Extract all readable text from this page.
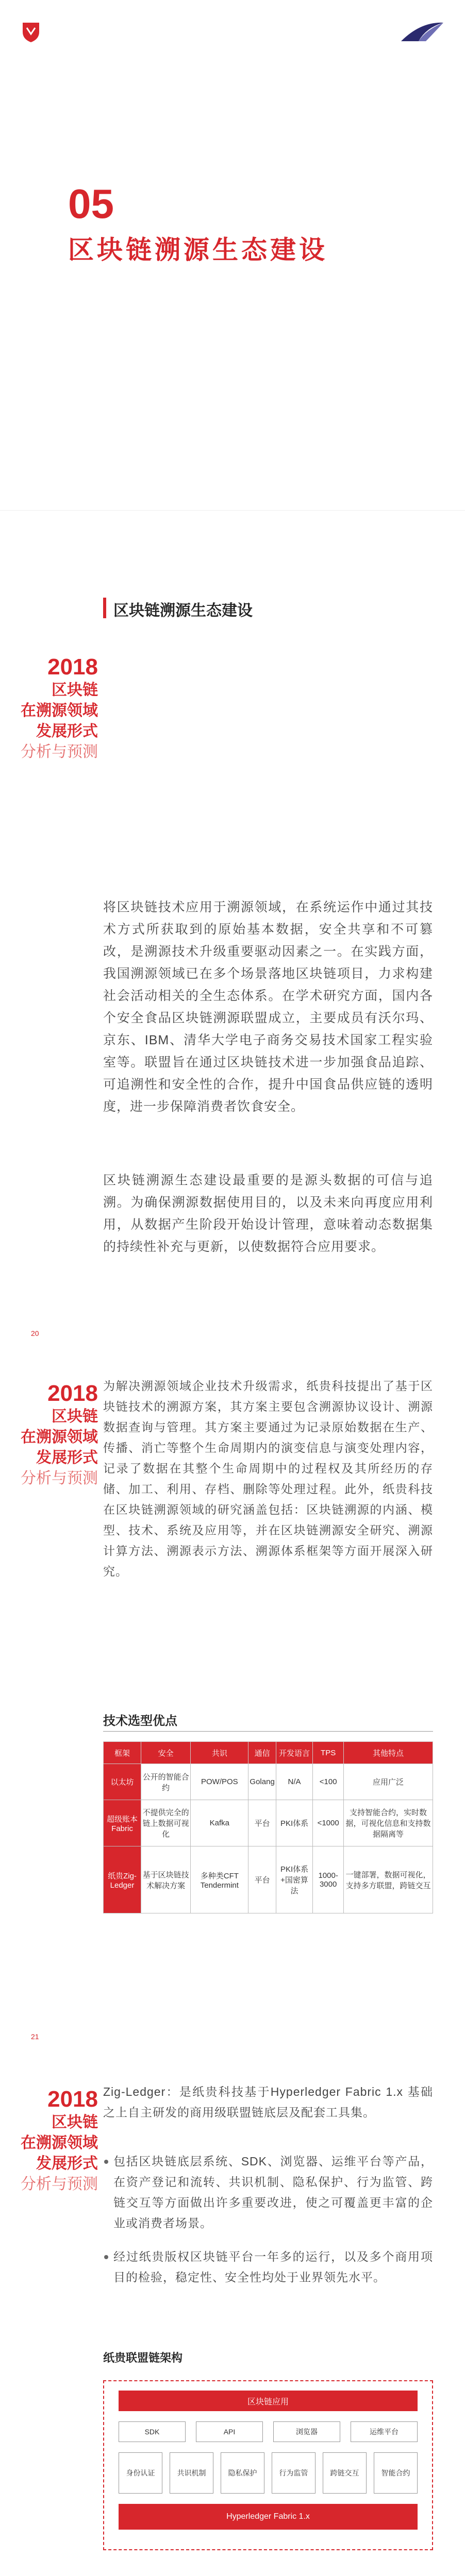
05
区块链溯源生态建设
2018
区块链
在溯源领域
发展形式
分析与预测
区块链溯源生态建设
将区块链技术应用于溯源领域，在系统运作中通过其技术方式所获取到的原始基本数据，安全共享和不可篡改，是溯源技术升级重要驱动因素之一。在实践方面，我国溯源领域已在多个场景落地区块链项目，力求构建社会活动相关的全生态体系。在学术研究方面，国内各个安全食品区块链溯源联盟成立，主要成员有沃尔玛、京东、IBM、清华大学电子商务交易技术国家工程实验室等。联盟旨在通过区块链技术进一步加强食品追踪、可追溯性和安全性的合作，提升中国食品供应链的透明度，进一步保障消费者饮食安全。
区块链溯源生态建设最重要的是源头数据的可信与追溯。为确保溯源数据使用目的，以及未来向再度应用利用，从数据产生阶段开始设计管理，意味着动态数据集的持续性补充与更新，以使数据符合应用要求。
20
2018
区块链
在溯源领域
发展形式
分析与预测
为解决溯源领域企业技术升级需求，纸贵科技提出了基于区块链技术的溯源方案，其方案主要包含溯源协议设计、溯源数据查询与管理。其方案主要通过为记录原始数据在生产、传播、消亡等整个生命周期内的演变信息与演变处理内容，记录了数据在其整个生命周期中的过程权及其所经历的存储、加工、利用、存档、删除等处理过程。此外，纸贵科技在区块链溯源领域的研究涵盖包括：区块链溯源的内涵、模型、技术、系统及应用等，并在区块链溯源安全研究、溯源计算方法、溯源表示方法、溯源体系框架等方面开展深入研究。
技术选型优点
框架	安全	共识	通信	开发语言	TPS	其他特点
以太坊	公开的智能合约	POW/POS	Golang	N/A	<100	应用广泛
超级账本Fabric	不提供完全的链上数据可视化	Kafka	平台	PKI体系	<1000	支持智能合约，实时数据，可视化信息和支持数据隔离等
纸贵Zig-Ledger	基于区块链技术解决方案	多种类CFT Tendermint	平台	PKI体系+国密算法	1000-3000	一键部署，数据可视化，支持多方联盟，跨链交互
21
2018
区块链
在溯源领域
发展形式
分析与预测
Zig-Ledger：是纸贵科技基于Hyperledger Fabric 1.x 基础之上自主研发的商用级联盟链底层及配套工具集。
包括区块链底层系统、SDK、浏览器、运维平台等产品，在资产登记和流转、共识机制、隐私保护、行为监管、跨链交互等方面做出许多重要改进，使之可覆盖更丰富的企业或消费者场景。
经过纸贵版权区块链平台一年多的运行，以及多个商用项目的检验，稳定性、安全性均处于业界领先水平。
纸贵联盟链架构
区块链应用
SDK	API	浏览器	运维平台
身份认证	共识机制	隐私保护	行为监管	跨链交互	智能合约
Hyperledger Fabric 1.x
